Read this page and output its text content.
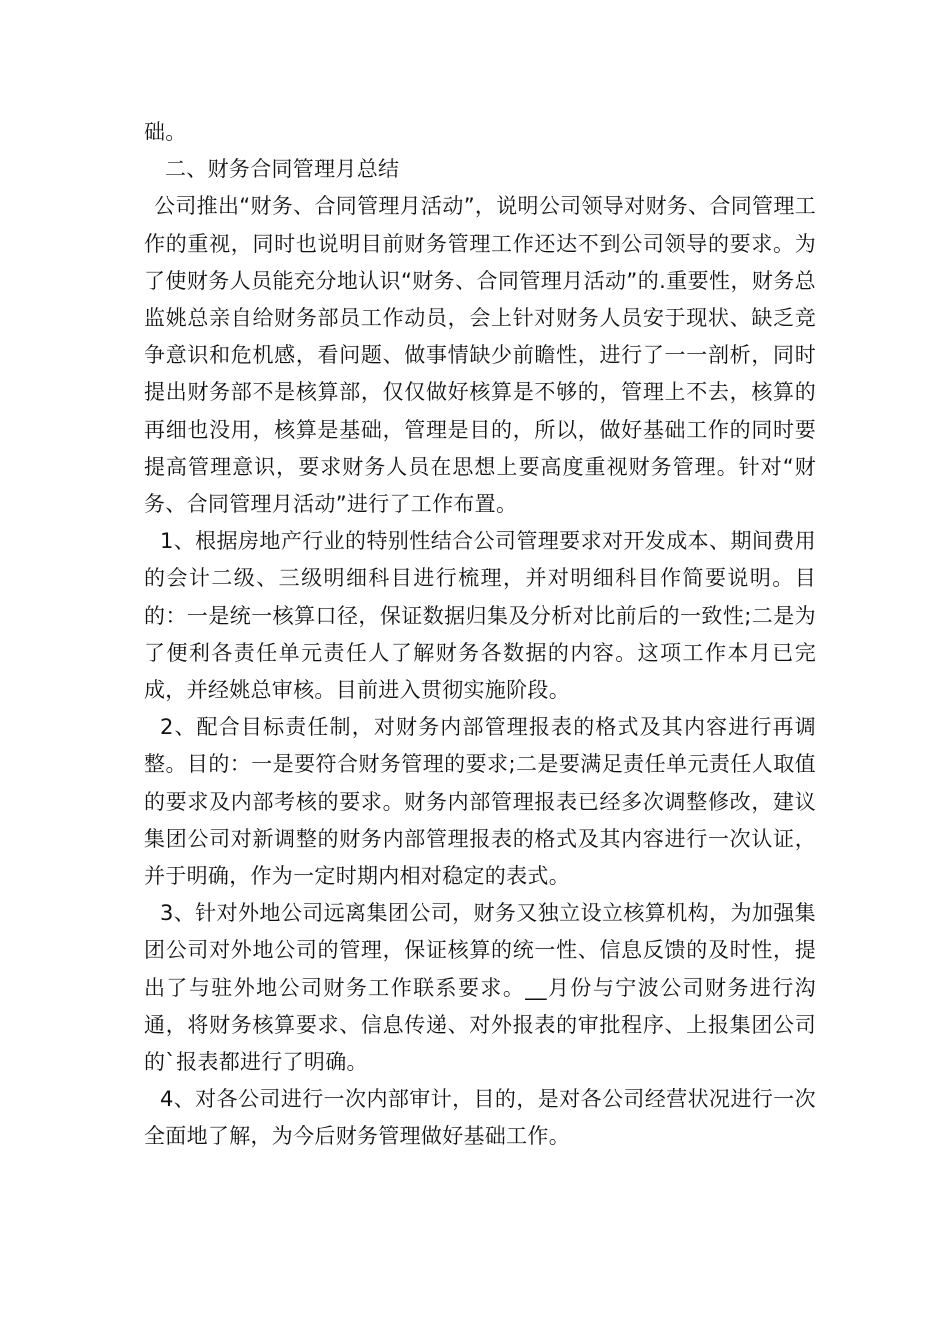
础。

二、财务合同管理月总结

公司推出“财务、合同管理月活动”，说明公司领导对财务、合同管理工作的重视，同时也说明目前财务管理工作还达不到公司领导的要求。为了使财务人员能充分地认识“财务、合同管理月活动”的.重要性，财务总监姚总亲自给财务部员工作动员，会上针对财务人员安于现状、缺乏竞争意识和危机感，看问题、做事情缺少前瞻性，进行了一一剖析，同时提出财务部不是核算部，仅仅做好核算是不够的，管理上不去，核算的再细也没用，核算是基础，管理是目的，所以，做好基础工作的同时要提高管理意识，要求财务人员在思想上要高度重视财务管理。针对“财务、合同管理月活动”进行了工作布置。

1、根据房地产行业的特别性结合公司管理要求对开发成本、期间费用的会计二级、三级明细科目进行梳理，并对明细科目作简要说明。目的：一是统一核算口径，保证数据归集及分析对比前后的一致性;二是为了便利各责任单元责任人了解财务各数据的内容。这项工作本月已完成，并经姚总审核。目前进入贯彻实施阶段。

2、配合目标责任制，对财务内部管理报表的格式及其内容进行再调整。目的：一是要符合财务管理的要求;二是要满足责任单元责任人取值的要求及内部考核的要求。财务内部管理报表已经多次调整修改，建议集团公司对新调整的财务内部管理报表的格式及其内容进行一次认证，并于明确，作为一定时期内相对稳定的表式。

3、针对外地公司远离集团公司，财务又独立设立核算机构，为加强集团公司对外地公司的管理，保证核算的统一性、信息反馈的及时性，提出了与驻外地公司财务工作联系要求。__月份与宁波公司财务进行沟通，将财务核算要求、信息传递、对外报表的审批程序、上报集团公司的`报表都进行了明确。

4、对各公司进行一次内部审计，目的，是对各公司经营状况进行一次全面地了解，为今后财务管理做好基础工作。
